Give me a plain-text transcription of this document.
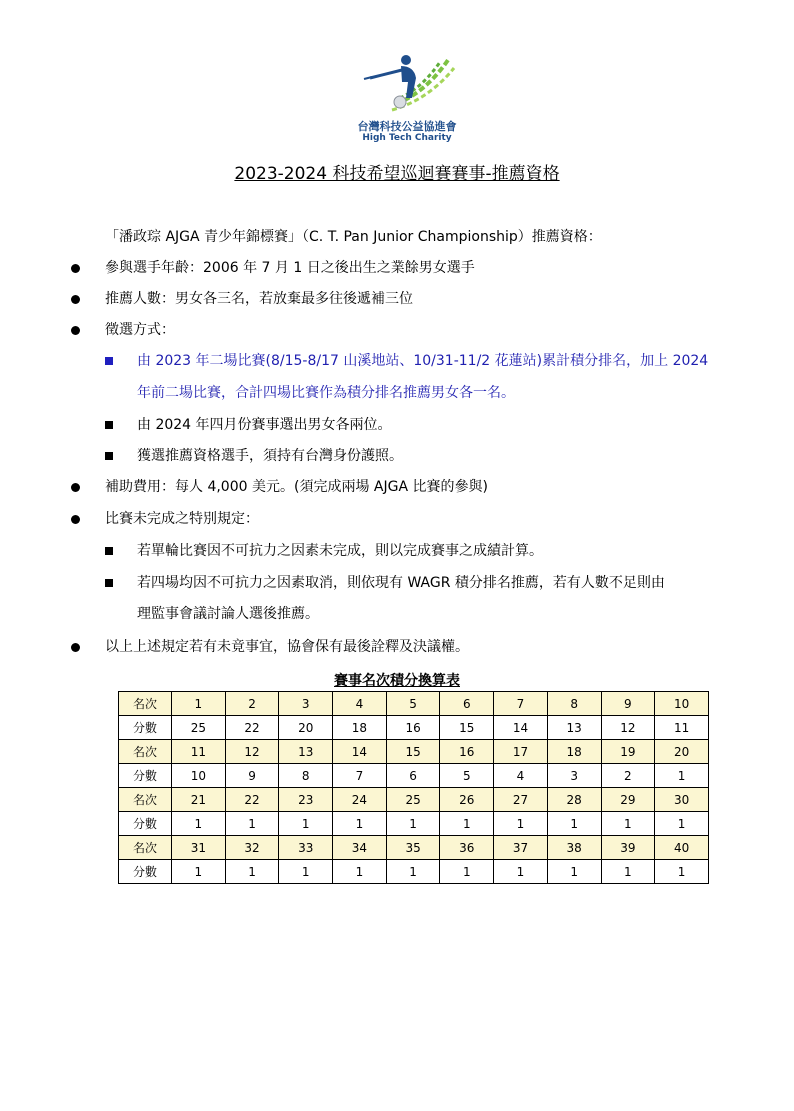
台灣科技公益協進會
High Tech Charity
2023-2024 科技希望巡迴賽賽事-推薦資格
「潘政琮 AJGA 青少年錦標賽」（C. T. Pan Junior Championship）推薦資格：
參與選手年齡：2006 年 7 月 1 日之後出生之業餘男女選手
推薦人數：男女各三名，若放棄最多往後遞補三位
徵選方式：
由 2023 年二場比賽(8/15-8/17 山溪地站、10/31-11/2 花蓮站)累計積分排名，加上 2024
年前二場比賽，合計四場比賽作為積分排名推薦男女各一名。
由 2024 年四月份賽事選出男女各兩位。
獲選推薦資格選手，須持有台灣身份護照。
補助費用：每人 4,000 美元。(須完成兩場 AJGA 比賽的參與)
比賽未完成之特別規定：
若單輪比賽因不可抗力之因素未完成，則以完成賽事之成績計算。
若四場均因不可抗力之因素取消，則依現有 WAGR 積分排名推薦，若有人數不足則由
理監事會議討論人選後推薦。
以上上述規定若有未竟事宜，協會保有最後詮釋及決議權。
賽事名次積分換算表
名次	1	2	3	4	5	6	7	8	9	10
分數	25	22	20	18	16	15	14	13	12	11
名次	11	12	13	14	15	16	17	18	19	20
分數	10	9	8	7	6	5	4	3	2	1
名次	21	22	23	24	25	26	27	28	29	30
分數	1	1	1	1	1	1	1	1	1	1
名次	31	32	33	34	35	36	37	38	39	40
分數	1	1	1	1	1	1	1	1	1	1
